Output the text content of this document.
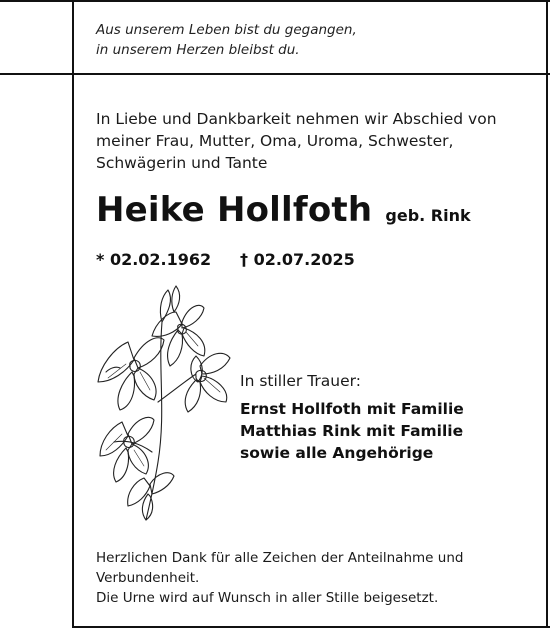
Aus unserem Leben bist du gegangen,
in unserem Herzen bleibst du.
In Liebe und Dankbarkeit nehmen wir Abschied von
meiner Frau, Mutter, Oma, Uroma, Schwester,
Schwägerin und Tante
Heike Hollfoth geb. Rink
* 02.02.1962 † 02.07.2025
In stiller Trauer:
Ernst Hollfoth mit Familie
Matthias Rink mit Familie
sowie alle Angehörige
Herzlichen Dank für alle Zeichen der Anteilnahme und
Verbundenheit.
Die Urne wird auf Wunsch in aller Stille beigesetzt.
